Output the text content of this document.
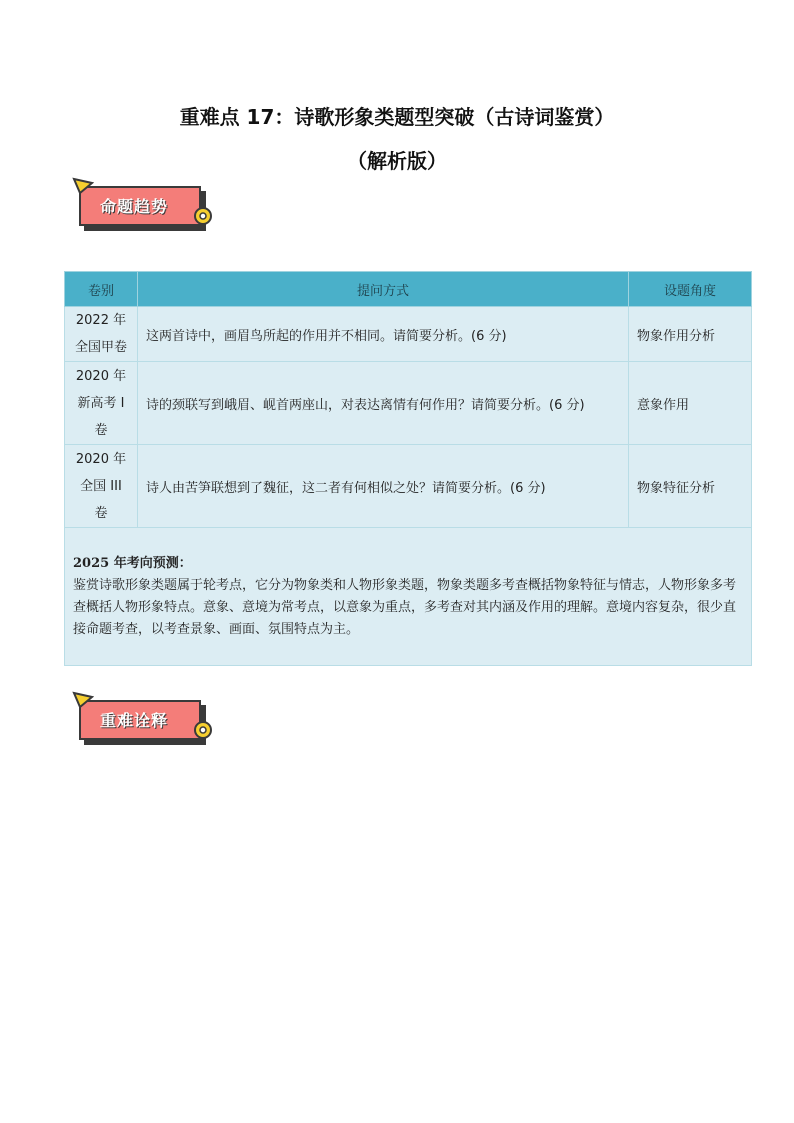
重难点 17：诗歌形象类题型突破（古诗词鉴赏）
（解析版）
命题趋势
卷别	提问方式	设题角度

2022 年
全国甲卷	这两首诗中，画眉鸟所起的作用并不相同。请简要分析。(6 分)	物象作用分析

2020 年
新高考 I
卷	诗的颈联写到峨眉、岘首两座山，对表达离情有何作用？请简要分析。(6 分)	意象作用

2020 年
全国 III
卷	诗人由苦笋联想到了魏征，这二者有何相似之处？请简要分析。(6 分)	物象特征分析

2025 年考向预测：
鉴赏诗歌形象类题属于轮考点，它分为物象类和人物形象类题，物象类题多考查概括物象特征与情志，人物形象多考查概括人物形象特点。意象、意境为常考点，以意象为重点，多考查对其内涵及作用的理解。意境内容复杂，很少直接命题考查，以考查景象、画面、氛围特点为主。		
重难诠释
